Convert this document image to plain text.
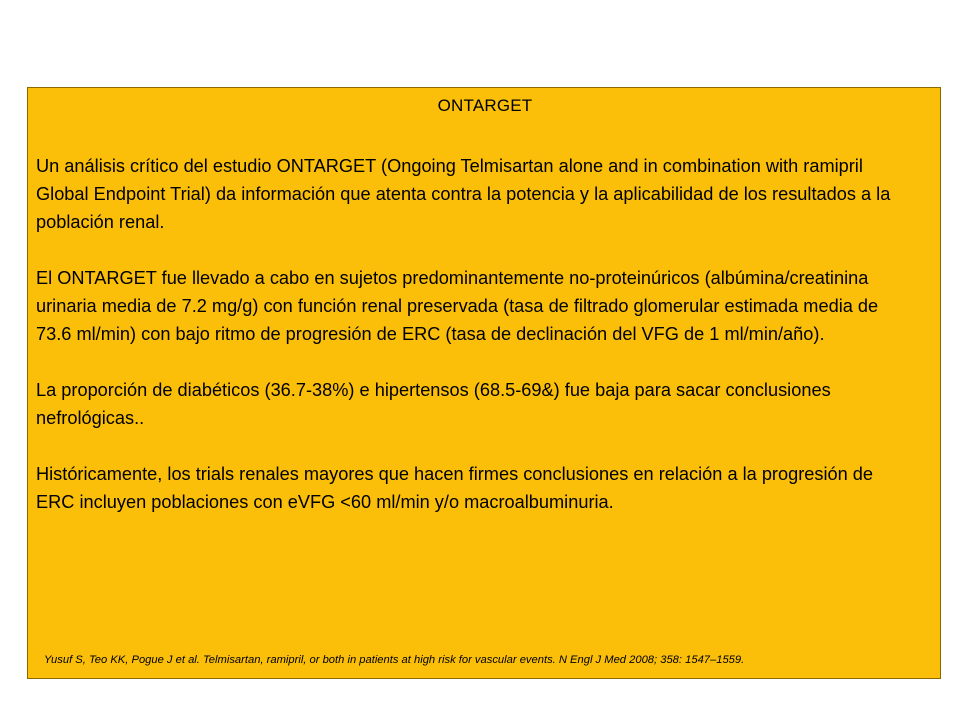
ONTARGET

Un análisis crítico del estudio ONTARGET (Ongoing Telmisartan alone and in combination with ramipril Global Endpoint Trial) da información que atenta contra la potencia y la aplicabilidad de los resultados a la población renal.

El ONTARGET fue llevado a cabo en sujetos predominantemente no-proteinúricos (albúmina/creatinina urinaria media de 7.2 mg/g) con función renal preservada (tasa de filtrado glomerular estimada media de 73.6 ml/min) con bajo ritmo de progresión de ERC (tasa de declinación del VFG de 1 ml/min/año).

La proporción de diabéticos (36.7-38%) e hipertensos (68.5-69&) fue baja para sacar conclusiones nefrológicas..

Históricamente, los trials renales mayores que hacen firmes conclusiones en relación a la progresión de ERC incluyen poblaciones con eVFG <60 ml/min y/o macroalbuminuria.

Yusuf S, Teo KK, Pogue J et al. Telmisartan, ramipril, or both in patients at high risk for vascular events. N Engl J Med 2008; 358: 1547–1559.
